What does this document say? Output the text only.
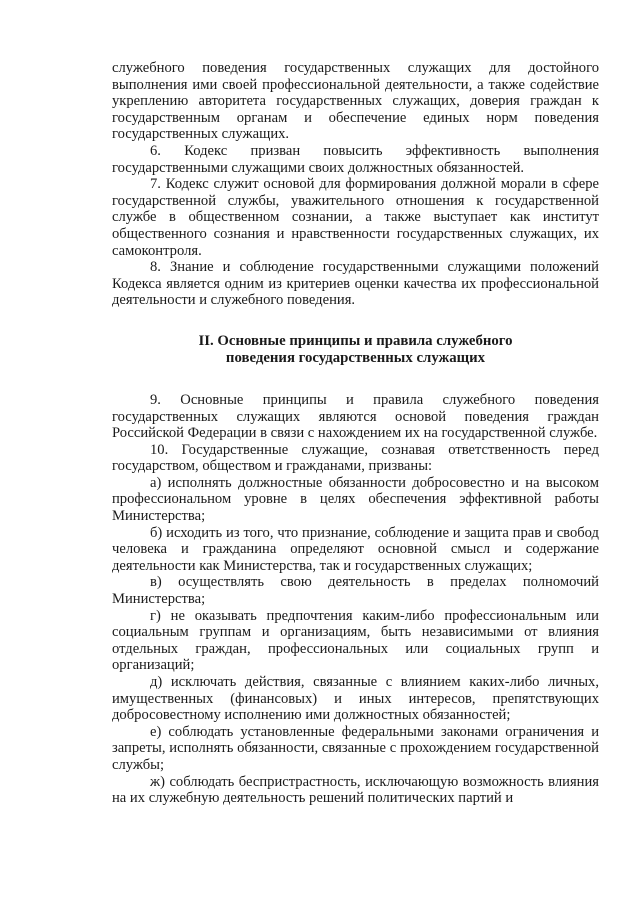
служебного поведения государственных служащих для достойного выполнения ими своей профессиональной деятельности, а также содействие укреплению авторитета государственных служащих, доверия граждан к государственным органам и обеспечение единых норм поведения государственных служащих.

6. Кодекс призван повысить эффективность выполнения государственными служащими своих должностных обязанностей.

7. Кодекс служит основой для формирования должной морали в сфере государственной службы, уважительного отношения к государственной службе в общественном сознании, а также выступает как институт общественного сознания и нравственности государственных служащих, их самоконтроля.

8. Знание и соблюдение государственными служащими положений Кодекса является одним из критериев оценки качества их профессиональной деятельности и служебного поведения.

II. Основные принципы и правила служебного

поведения государственных служащих

9. Основные принципы и правила служебного поведения государственных служащих являются основой поведения граждан Российской Федерации в связи с нахождением их на государственной службе.

10. Государственные служащие, сознавая ответственность перед государством, обществом и гражданами, призваны:

а) исполнять должностные обязанности добросовестно и на высоком профессиональном уровне в целях обеспечения эффективной работы Министерства;

б) исходить из того, что признание, соблюдение и защита прав и свобод человека и гражданина определяют основной смысл и содержание деятельности как Министерства, так и государственных служащих;

в) осуществлять свою деятельность в пределах полномочий Министерства;

г) не оказывать предпочтения каким-либо профессиональным или социальным группам и организациям, быть независимыми от влияния отдельных граждан, профессиональных или социальных групп и организаций;

д) исключать действия, связанные с влиянием каких-либо личных, имущественных (финансовых) и иных интересов, препятствующих добросовестному исполнению ими должностных обязанностей;

е) соблюдать установленные федеральными законами ограничения и запреты, исполнять обязанности, связанные с прохождением государственной службы;

ж) соблюдать беспристрастность, исключающую возможность влияния на их служебную деятельность решений политических партий и
